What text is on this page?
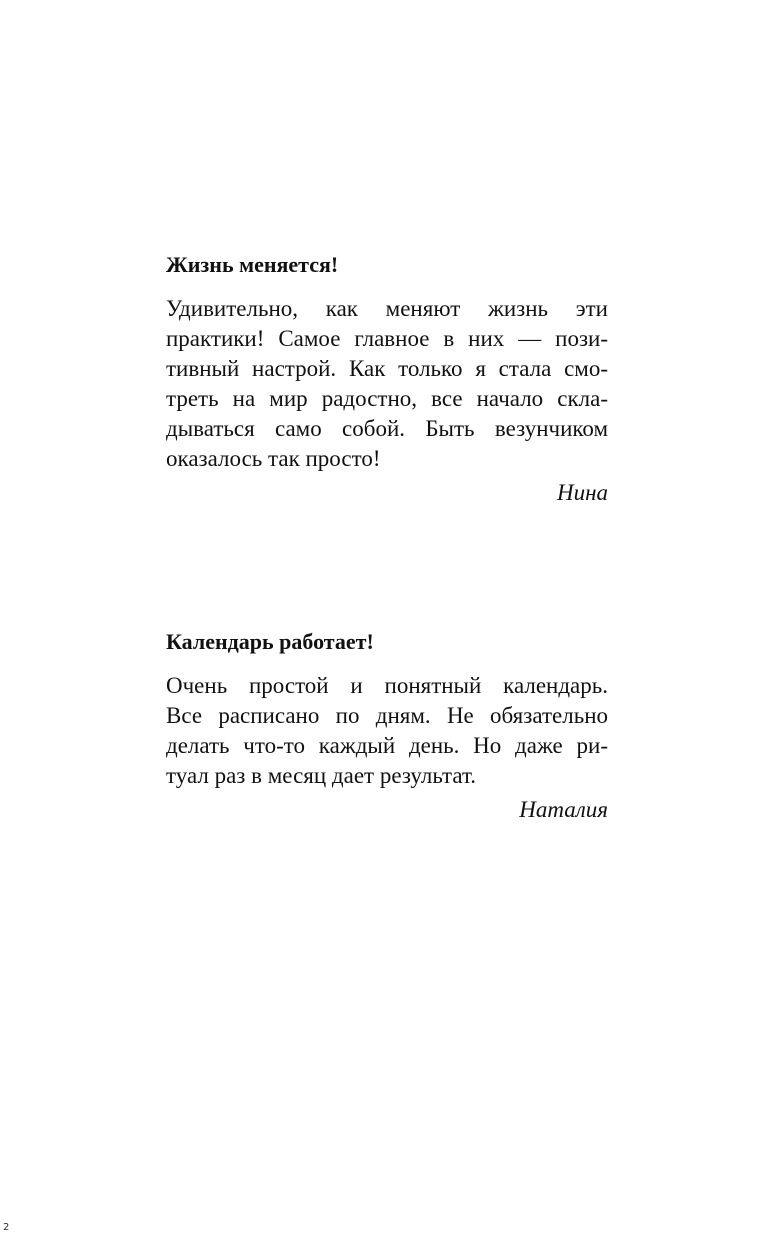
Жизнь меняется!
Удивительно, как меняют жизнь эти
практики! Самое главное в них — пози-
тивный настрой. Как только я стала смо-
треть на мир радостно, все начало скла-
дываться само собой. Быть везунчиком
оказалось так просто!
Нина
Календарь работает!
Очень простой и понятный календарь.
Все расписано по дням. Не обязательно
делать что-то каждый день. Но даже ри-
туал раз в месяц дает результат.
Наталия
2
